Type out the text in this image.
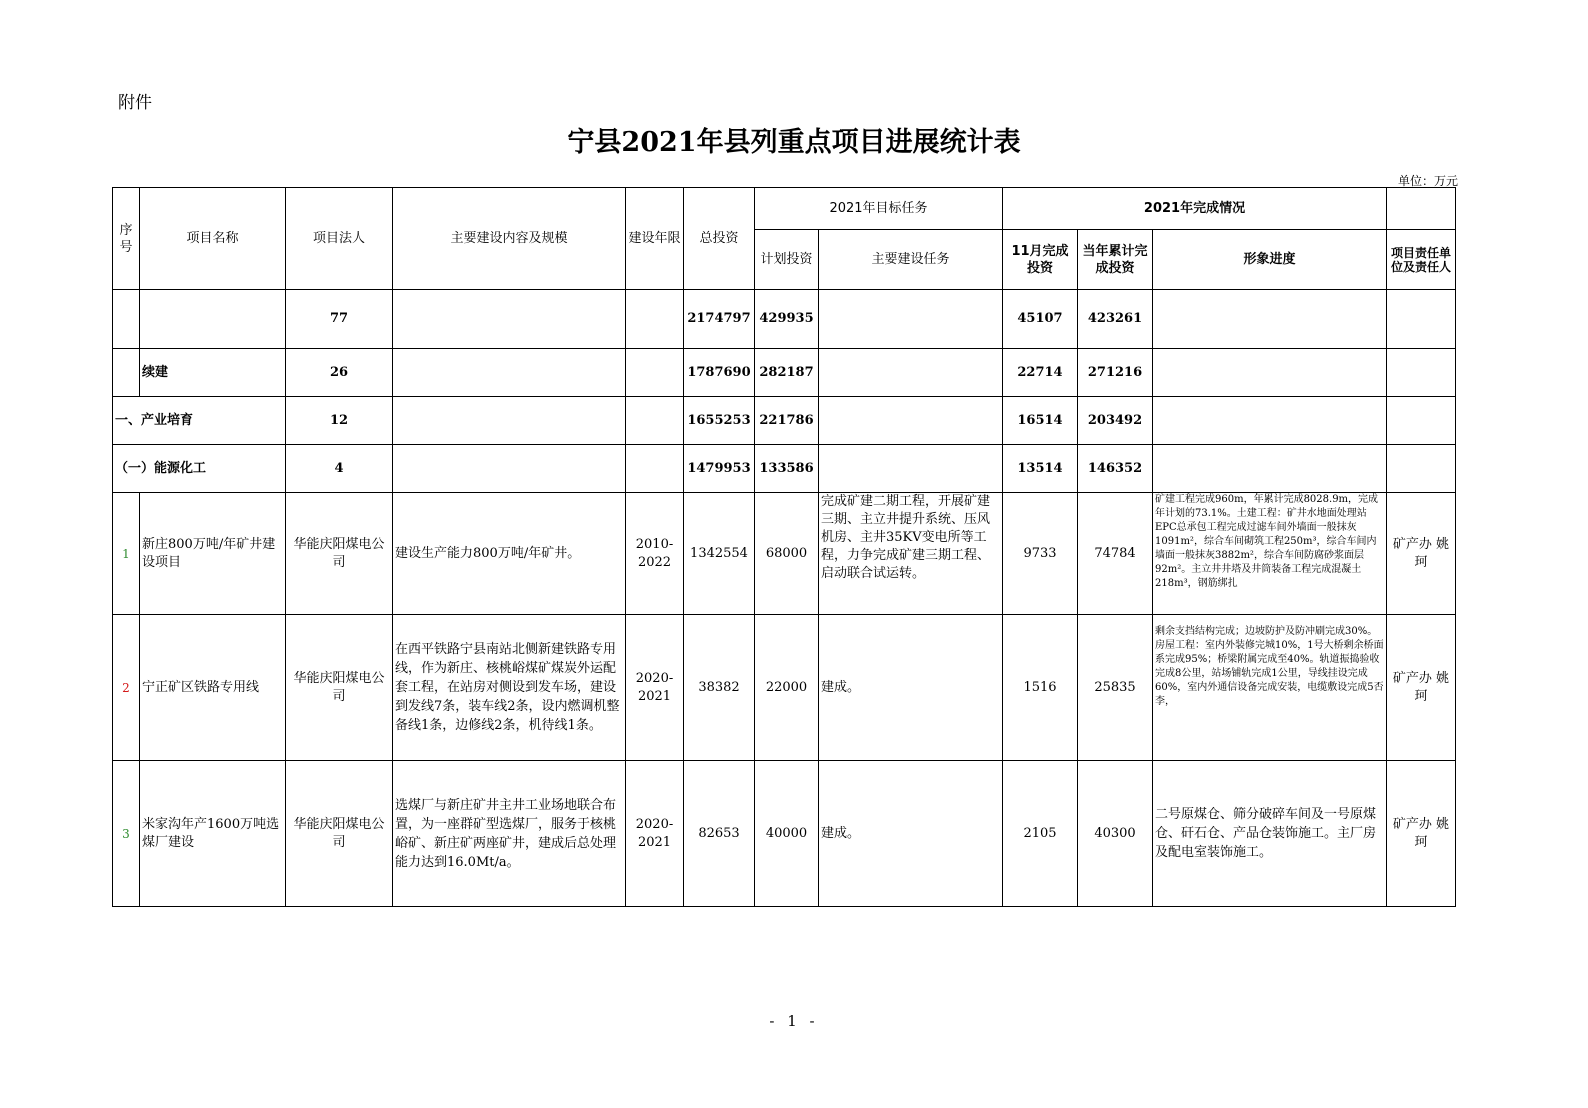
附件
宁县2021年县列重点项目进展统计表
单位：万元
序号	项目名称	项目法人	主要建设内容及规模	建设年限	总投资	2021年目标任务		2021年完成情况			
						计划投资	主要建设任务	11月完成投资	当年累计完成投资	形象进度	项目责任单位及责任人
		77			2174797	429935		45107	423261		
	续建	26			1787690	282187		22714	271216		
一、产业培育		12			1655253	221786		16514	203492		
（一）能源化工		4			1479953	133586		13514	146352		
1	新庄800万吨/年矿井建设项目	华能庆阳煤电公司	建设生产能力800万吨/年矿井。	2010-2022	1342554	68000	完成矿建二期工程，开展矿建三期、主立井提升系统、压风机房、主井35KV变电所等工程，力争完成矿建三期工程、启动联合试运转。	9733	74784	矿建工程完成960m，年累计完成8028.9m，完成年计划的73.1%。土建工程：矿井水地面处理站EPC总承包工程完成过滤车间外墙面一般抹灰1091m²，综合车间砌筑工程250m³，综合车间内墙面一般抹灰3882m²，综合车间防腐砂浆面层92m²。主立井井塔及井筒装备工程完成混凝土218m³，钢筋绑扎	矿产办 姚 珂
2	宁正矿区铁路专用线	华能庆阳煤电公司	在西平铁路宁县南站北侧新建铁路专用线，作为新庄、核桃峪煤矿煤炭外运配套工程，在站房对侧设到发车场，建设到发线7条，装车线2条，设内燃调机整备线1条，边修线2条，机待线1条。	2020-2021	38382	22000	建成。	1516	25835	剩余支挡结构完成；边坡防护及防冲刷完成30%。房屋工程：室内外装修完城10%，1号大桥剩余桥面系完成95%；桥梁附属完成至40%。轨道振捣验收完成8公里，站场铺轨完成1公里，导线挂设完成60%，室内外通信设备完成安装，电缆敷设完成5否李，	矿产办 姚 珂
3	米家沟年产1600万吨选煤厂建设	华能庆阳煤电公司	选煤厂与新庄矿井主井工业场地联合布置，为一座群矿型选煤厂，服务于核桃峪矿、新庄矿两座矿井，建成后总处理能力达到16.0Mt/a。	2020-2021	82653	40000	建成。	2105	40300	二号原煤仓、筛分破碎车间及一号原煤仓、矸石仓、产品仓装饰施工。主厂房及配电室装饰施工。	矿产办 姚 珂
- 1 -
